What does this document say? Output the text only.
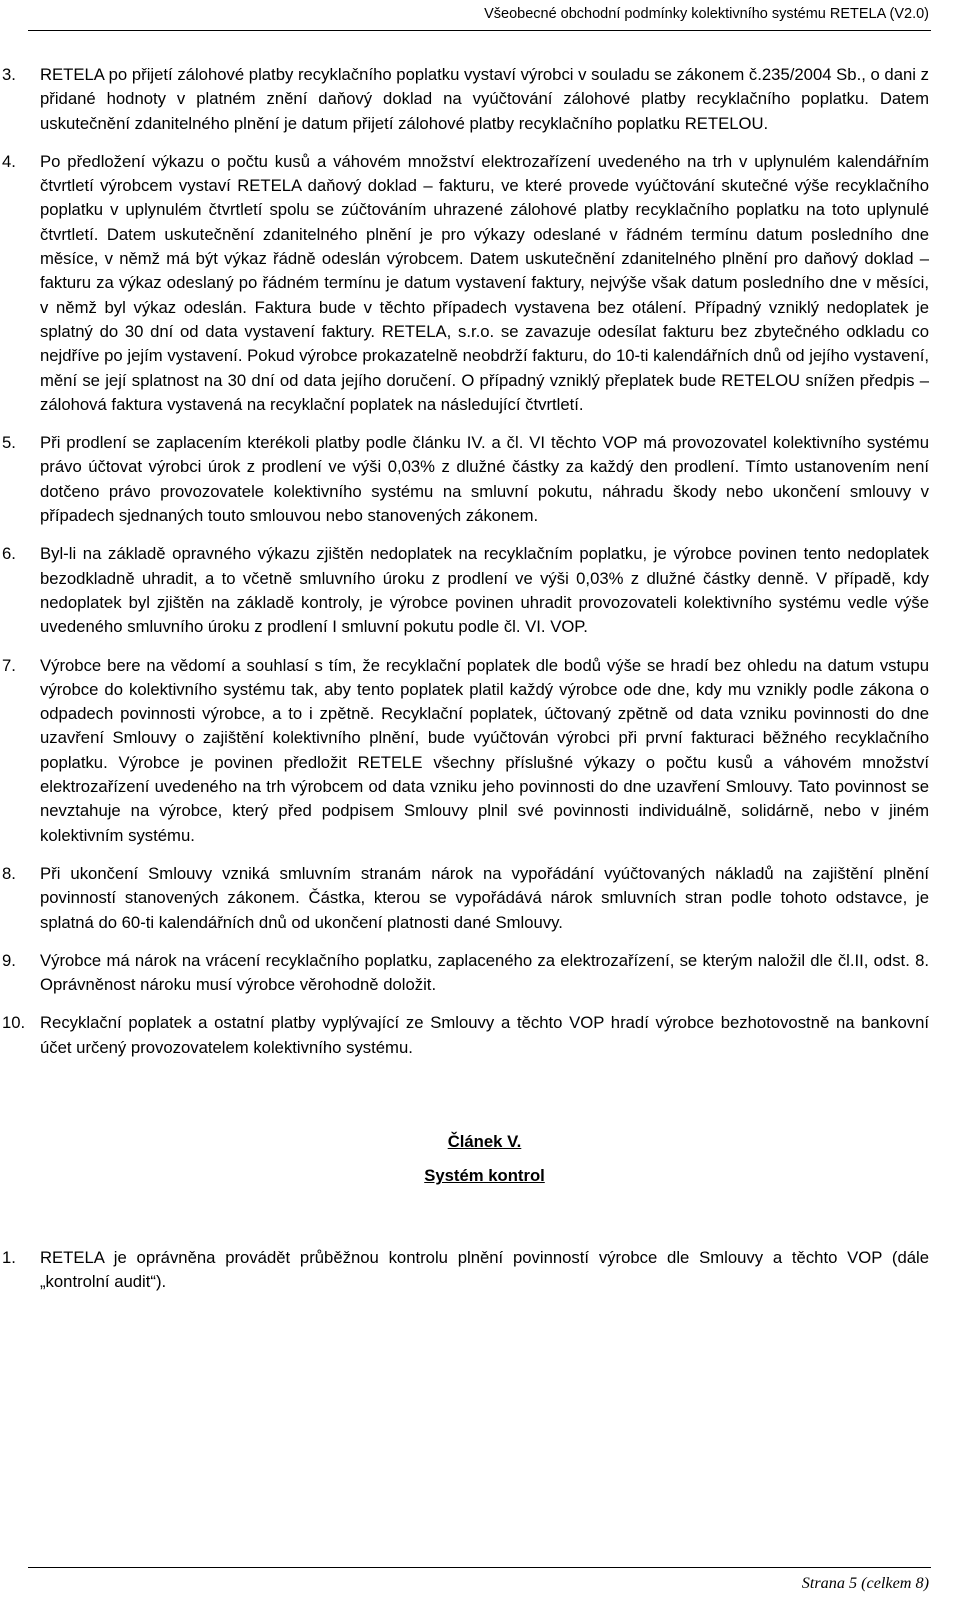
Všeobecné obchodní podmínky kolektivního systému RETELA (V2.0)
3.	RETELA po přijetí zálohové platby recyklačního poplatku vystaví výrobci v souladu se zákonem č.235/2004 Sb., o dani z přidané hodnoty v platném znění daňový doklad na vyúčtování zálohové platby recyklačního poplatku. Datem uskutečnění zdanitelného plnění je datum přijetí zálohové platby recyklačního poplatku RETELOU.
4.	Po předložení výkazu o počtu kusů a váhovém množství elektrozařízení uvedeného na trh v uplynulém kalendářním čtvrtletí výrobcem vystaví RETELA daňový doklad – fakturu, ve které provede vyúčtování skutečné výše recyklačního poplatku v uplynulém čtvrtletí spolu se zúčtováním uhrazené zálohové platby recyklačního poplatku na toto uplynulé čtvrtletí. Datem uskutečnění zdanitelného plnění je pro výkazy odeslané v řádném termínu datum posledního dne měsíce, v němž má být výkaz řádně odeslán výrobcem. Datem uskutečnění zdanitelného plnění pro daňový doklad – fakturu za výkaz odeslaný po řádném termínu je datum vystavení faktury, nejvýše však datum posledního dne v měsíci, v němž byl výkaz odeslán. Faktura bude v těchto případech vystavena bez otálení. Případný vzniklý nedoplatek je splatný do 30 dní od data vystavení faktury. RETELA, s.r.o. se zavazuje odesílat fakturu bez zbytečného odkladu co nejdříve po jejím vystavení. Pokud výrobce prokazatelně neobdrží fakturu, do 10-ti kalendářních dnů od jejího vystavení, mění se její splatnost na 30 dní od data jejího doručení. O případný vzniklý přeplatek bude RETELOU snížen předpis – zálohová faktura vystavená na recyklační poplatek na následující čtvrtletí.
5.	Při prodlení se zaplacením kterékoli platby podle článku IV. a čl. VI těchto VOP má provozovatel kolektivního systému právo účtovat výrobci úrok z prodlení ve výši 0,03% z dlužné částky za každý den prodlení. Tímto ustanovením není dotčeno právo provozovatele kolektivního systému na smluvní pokutu, náhradu škody nebo ukončení smlouvy v případech sjednaných touto smlouvou nebo stanovených zákonem.
6.	Byl-li na základě opravného výkazu zjištěn nedoplatek na recyklačním poplatku, je výrobce povinen tento nedoplatek bezodkladně uhradit, a to včetně smluvního úroku z prodlení ve výši 0,03% z dlužné částky denně. V případě, kdy nedoplatek byl zjištěn na základě kontroly, je výrobce povinen uhradit provozovateli kolektivního systému vedle výše uvedeného smluvního úroku z prodlení I smluvní pokutu podle čl. VI. VOP.
7.	Výrobce bere na vědomí a souhlasí s tím, že recyklační poplatek dle bodů výše se hradí bez ohledu na datum vstupu výrobce do kolektivního systému tak, aby tento poplatek platil každý výrobce ode dne, kdy mu vznikly podle zákona o odpadech povinnosti výrobce, a to i zpětně. Recyklační poplatek, účtovaný zpětně od data vzniku povinnosti do dne uzavření Smlouvy o zajištění kolektivního plnění, bude vyúčtován výrobci při první fakturaci běžného recyklačního poplatku. Výrobce je povinen předložit RETELE všechny příslušné výkazy o počtu kusů a váhovém množství elektrozařízení uvedeného na trh výrobcem od data vzniku jeho povinnosti do dne uzavření Smlouvy. Tato povinnost se nevztahuje na výrobce, který před podpisem Smlouvy plnil své povinnosti individuálně, solidárně, nebo v jiném kolektivním systému.
8.	Při ukončení Smlouvy vzniká smluvním stranám nárok na vypořádání vyúčtovaných nákladů na zajištění plnění povinností stanovených zákonem. Částka, kterou se vypořádává nárok smluvních stran podle tohoto odstavce, je splatná do 60-ti kalendářních dnů od ukončení platnosti dané Smlouvy.
9.	Výrobce má nárok na vrácení recyklačního poplatku, zaplaceného za elektrozařízení, se kterým naložil dle čl.II, odst. 8. Oprávněnost nároku musí výrobce věrohodně doložit.
10. Recyklační poplatek a ostatní platby vyplývající ze Smlouvy a těchto VOP hradí výrobce bezhotovostně na bankovní účet určený provozovatelem kolektivního systému.
Článek V.
Systém kontrol
1.	RETELA je oprávněna provádět průběžnou kontrolu plnění povinností výrobce dle Smlouvy a těchto VOP (dále „kontrolní audit“).
Strana 5 (celkem 8)
